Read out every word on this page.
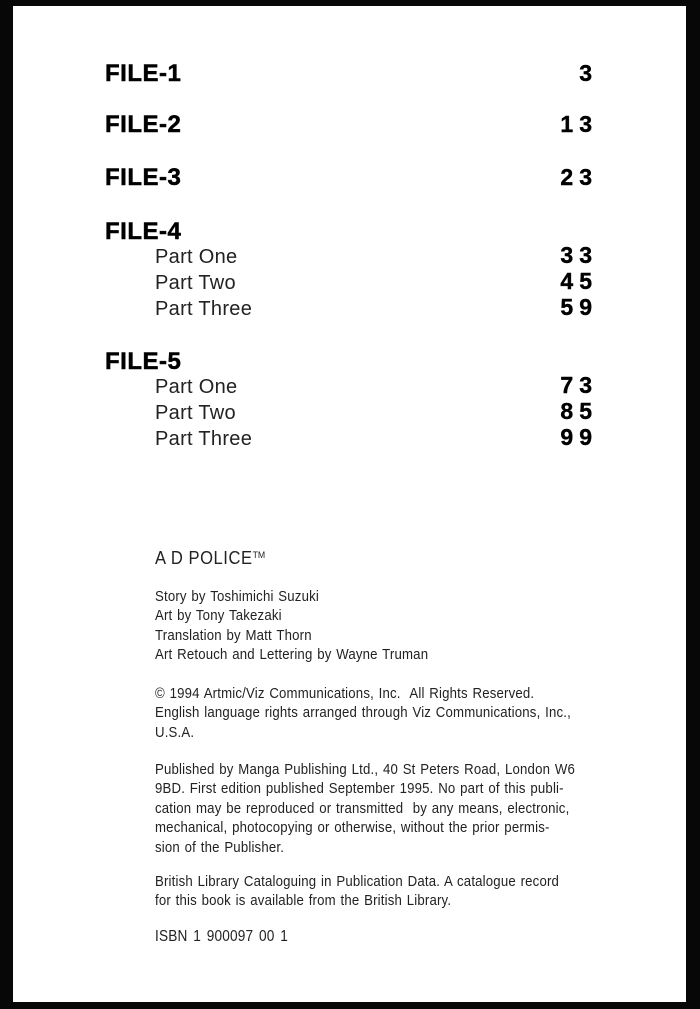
FILE-1	3
FILE-2	13
FILE-3	23
FILE-4
Part One	33
Part Two	45
Part Three	59
FILE-5
Part One	73
Part Two	85
Part Three	99
A D POLICE™
Story by Toshimichi Suzuki
Art by Tony Takezaki
Translation by Matt Thorn
Art Retouch and Lettering by Wayne Truman
© 1994 Artmic/Viz Communications, Inc.  All Rights Reserved.
English language rights arranged through Viz Communications, Inc.,
U.S.A.
Published by Manga Publishing Ltd., 40 St Peters Road, London W6
9BD. First edition published September 1995. No part of this publi-
cation may be reproduced or transmitted  by any means, electronic,
mechanical, photocopying or otherwise, without the prior permis-
sion of the Publisher.
British Library Cataloguing in Publication Data. A catalogue record
for this book is available from the British Library.
ISBN 1 900097 00 1
